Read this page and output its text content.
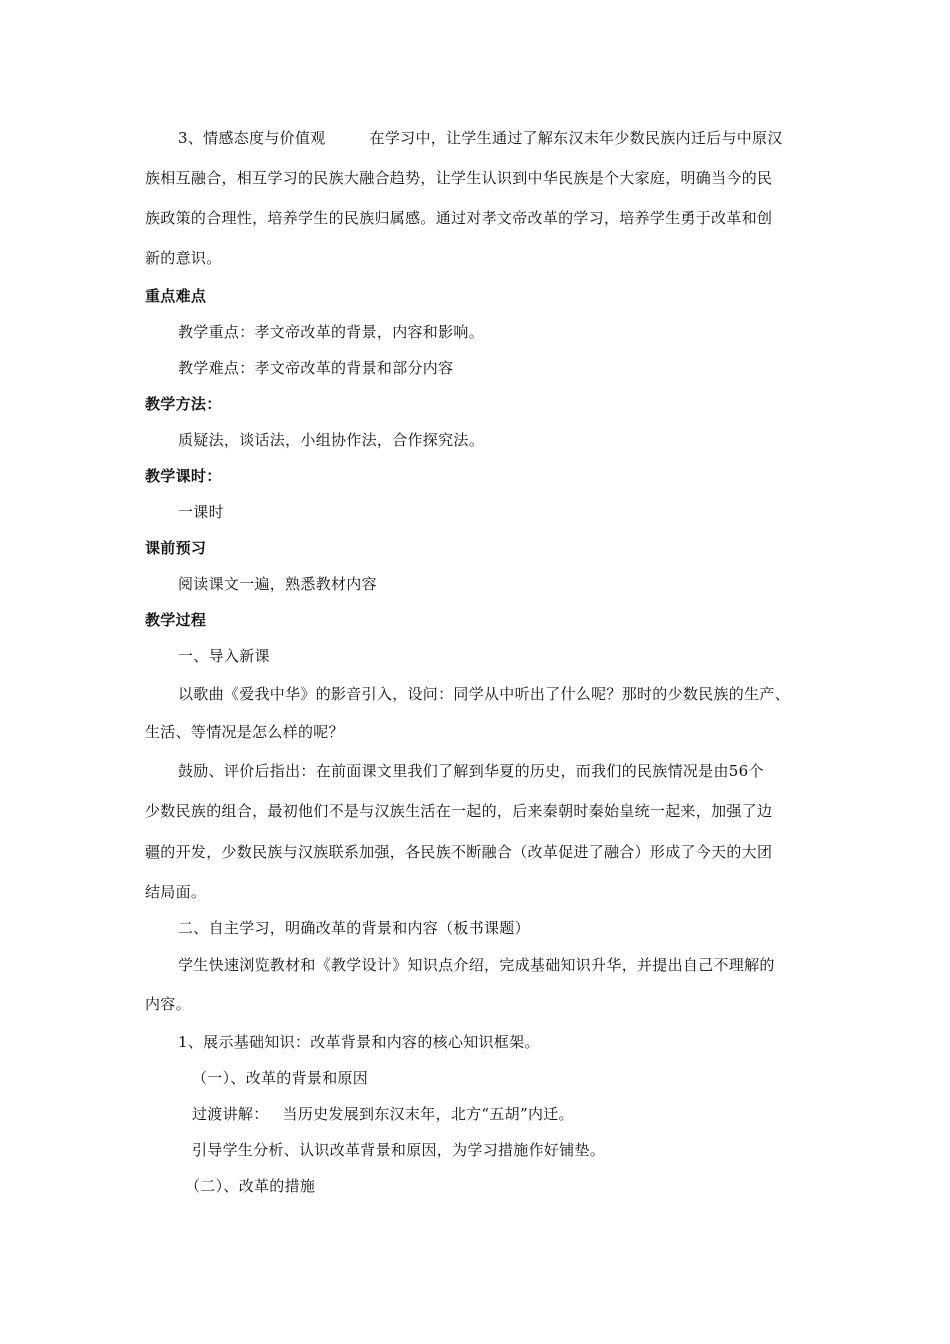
3、情感态度与价值观	在学习中，让学生通过了解东汉末年少数民族内迁后与中原汉
族相互融合，相互学习的民族大融合趋势，让学生认识到中华民族是个大家庭，明确当今的民
族政策的合理性，培养学生的民族归属感。通过对孝文帝改革的学习，培养学生勇于改革和创
新的意识。
重点难点
教学重点：孝文帝改革的背景，内容和影响。
教学难点：孝文帝改革的背景和部分内容
教学方法：
质疑法，谈话法，小组协作法，合作探究法。
教学课时：
一课时
课前预习
阅读课文一遍，熟悉教材内容
教学过程
一、导入新课
以歌曲《爱我中华》的影音引入，设问：同学从中听出了什么呢？那时的少数民族的生产、
生活、等情况是怎么样的呢？
鼓励、评价后指出：在前面课文里我们了解到华夏的历史，而我们的民族情况是由56个
少数民族的组合，最初他们不是与汉族生活在一起的，后来秦朝时秦始皇统一起来，加强了边
疆的开发，少数民族与汉族联系加强，各民族不断融合（改革促进了融合）形成了今天的大团
结局面。
二、自主学习，明确改革的背景和内容（板书课题）
学生快速浏览教材和《教学设计》知识点介绍，完成基础知识升华，并提出自己不理解的
内容。
1、展示基础知识：改革背景和内容的核心知识框架。
（一）、改革的背景和原因
过渡讲解： 当历史发展到东汉末年，北方“五胡”内迁。
引导学生分析、认识改革背景和原因，为学习措施作好铺垫。
（二）、改革的措施
